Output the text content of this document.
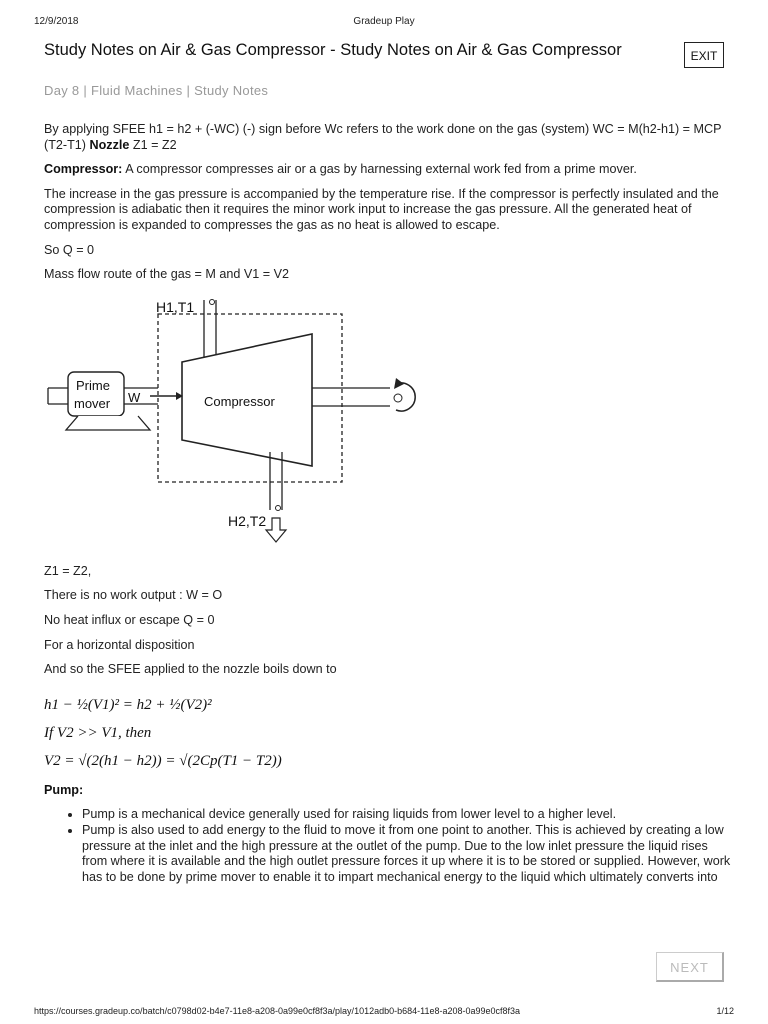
12/9/2018	Gradeup Play
Study Notes on Air & Gas Compressor - Study Notes on Air & Gas Compressor
Day 8 | Fluid Machines | Study Notes
EXIT

By applying SFEE h1 = h2 + (-WC) (-) sign before Wc refers to the work done on the gas (system) WC = M(h2-h1) = MCP (T2-T1) Nozzle Z1 = Z2

Compressor: A compressor compresses air or a gas by harnessing external work fed from a prime mover.

The increase in the gas pressure is accompanied by the temperature rise. If the compressor is perfectly insulated and the compression is adiabatic then it requires the minor work input to increase the gas pressure. All the generated heat of compression is expanded to compresses the gas as no heat is allowed to escape.

So Q = 0

Mass flow route of the gas = M and V1 = V2

Compressor
Prime
mover W
H1,T1
H2,T2

Z1 = Z2,

There is no work output : W = O

No heat influx or escape Q = 0

For a horizontal disposition

And so the SFEE applied to the nozzle boils down to

h1 − ½(V1)² = h2 + ½(V2)²
If V2 >> V1, then
V2 = √(2(h1 − h2)) = √(2Cp(T1 − T2))

Pump:

• Pump is a mechanical device generally used for raising liquids from lower level to a higher level.
• Pump is also used to add energy to the fluid to move it from one point to another. This is achieved by creating a low pressure at the inlet and the high pressure at the outlet of the pump. Due to the low inlet pressure the liquid rises from where it is available and the high outlet pressure forces it up where it is to be stored or supplied. However, work has to be done by prime mover to enable it to impart mechanical energy to the liquid which ultimately converts into
NEXT
https://courses.gradeup.co/batch/c0798d02-b4e7-11e8-a208-0a99e0cf8f3a/play/1012adb0-b684-11e8-a208-0a99e0cf8f3a	1/12
